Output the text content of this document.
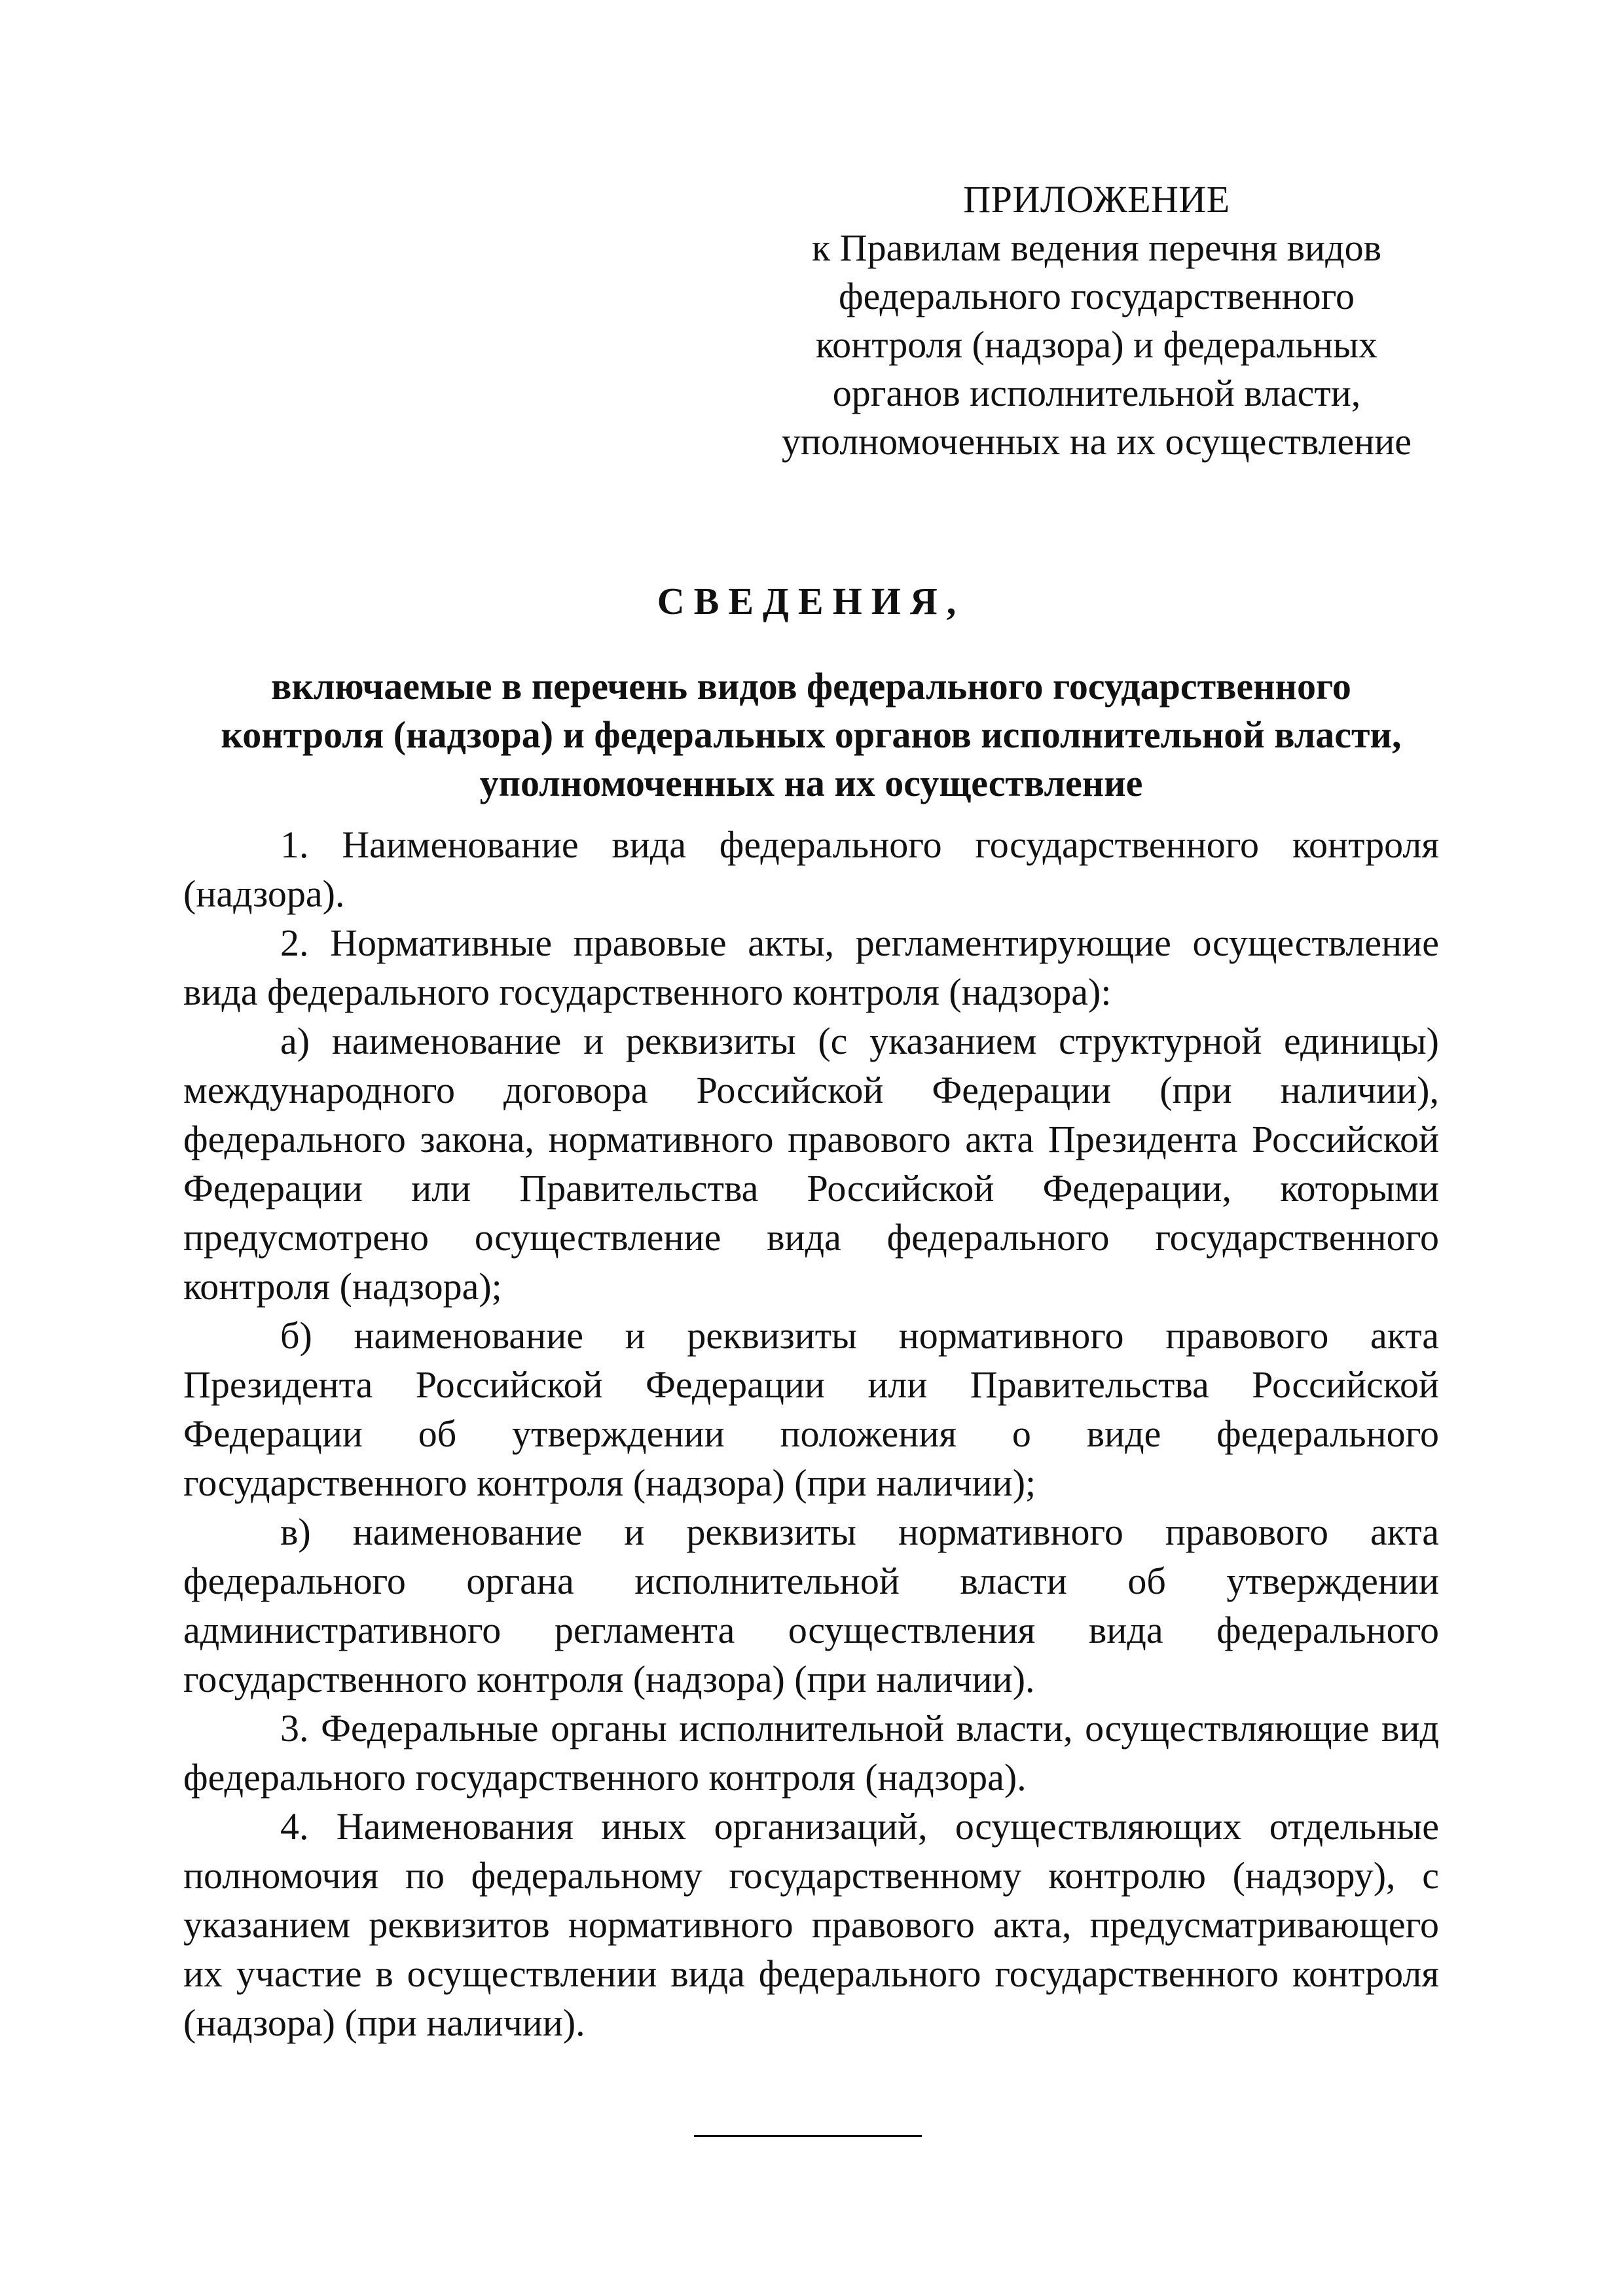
ПРИЛОЖЕНИЕ
к Правилам ведения перечня видов
федерального государственного
контроля (надзора) и федеральных
органов исполнительной власти,
уполномоченных на их осуществление
СВЕДЕНИЯ,
включаемые в перечень видов федерального государственного
контроля (надзора) и федеральных органов исполнительной власти,
уполномоченных на их осуществление

1. Наименование вида федерального государственного контроля (надзора).

2. Нормативные правовые акты, регламентирующие осуществление вида федерального государственного контроля (надзора):

а) наименование и реквизиты (с указанием структурной единицы) международного договора Российской Федерации (при наличии), федерального закона, нормативного правового акта Президента Российской Федерации или Правительства Российской Федерации, которыми предусмотрено осуществление вида федерального государственного контроля (надзора);

б) наименование и реквизиты нормативного правового акта Президента Российской Федерации или Правительства Российской Федерации об утверждении положения о виде федерального государственного контроля (надзора) (при наличии);

в) наименование и реквизиты нормативного правового акта федерального органа исполнительной власти об утверждении административного регламента осуществления вида федерального государственного контроля (надзора) (при наличии).

3. Федеральные органы исполнительной власти, осуществляющие вид федерального государственного контроля (надзора).

4. Наименования иных организаций, осуществляющих отдельные полномочия по федеральному государственному контролю (надзору), с указанием реквизитов нормативного правового акта, предусматривающего их участие в осуществлении вида федерального государственного контроля (надзора) (при наличии).
